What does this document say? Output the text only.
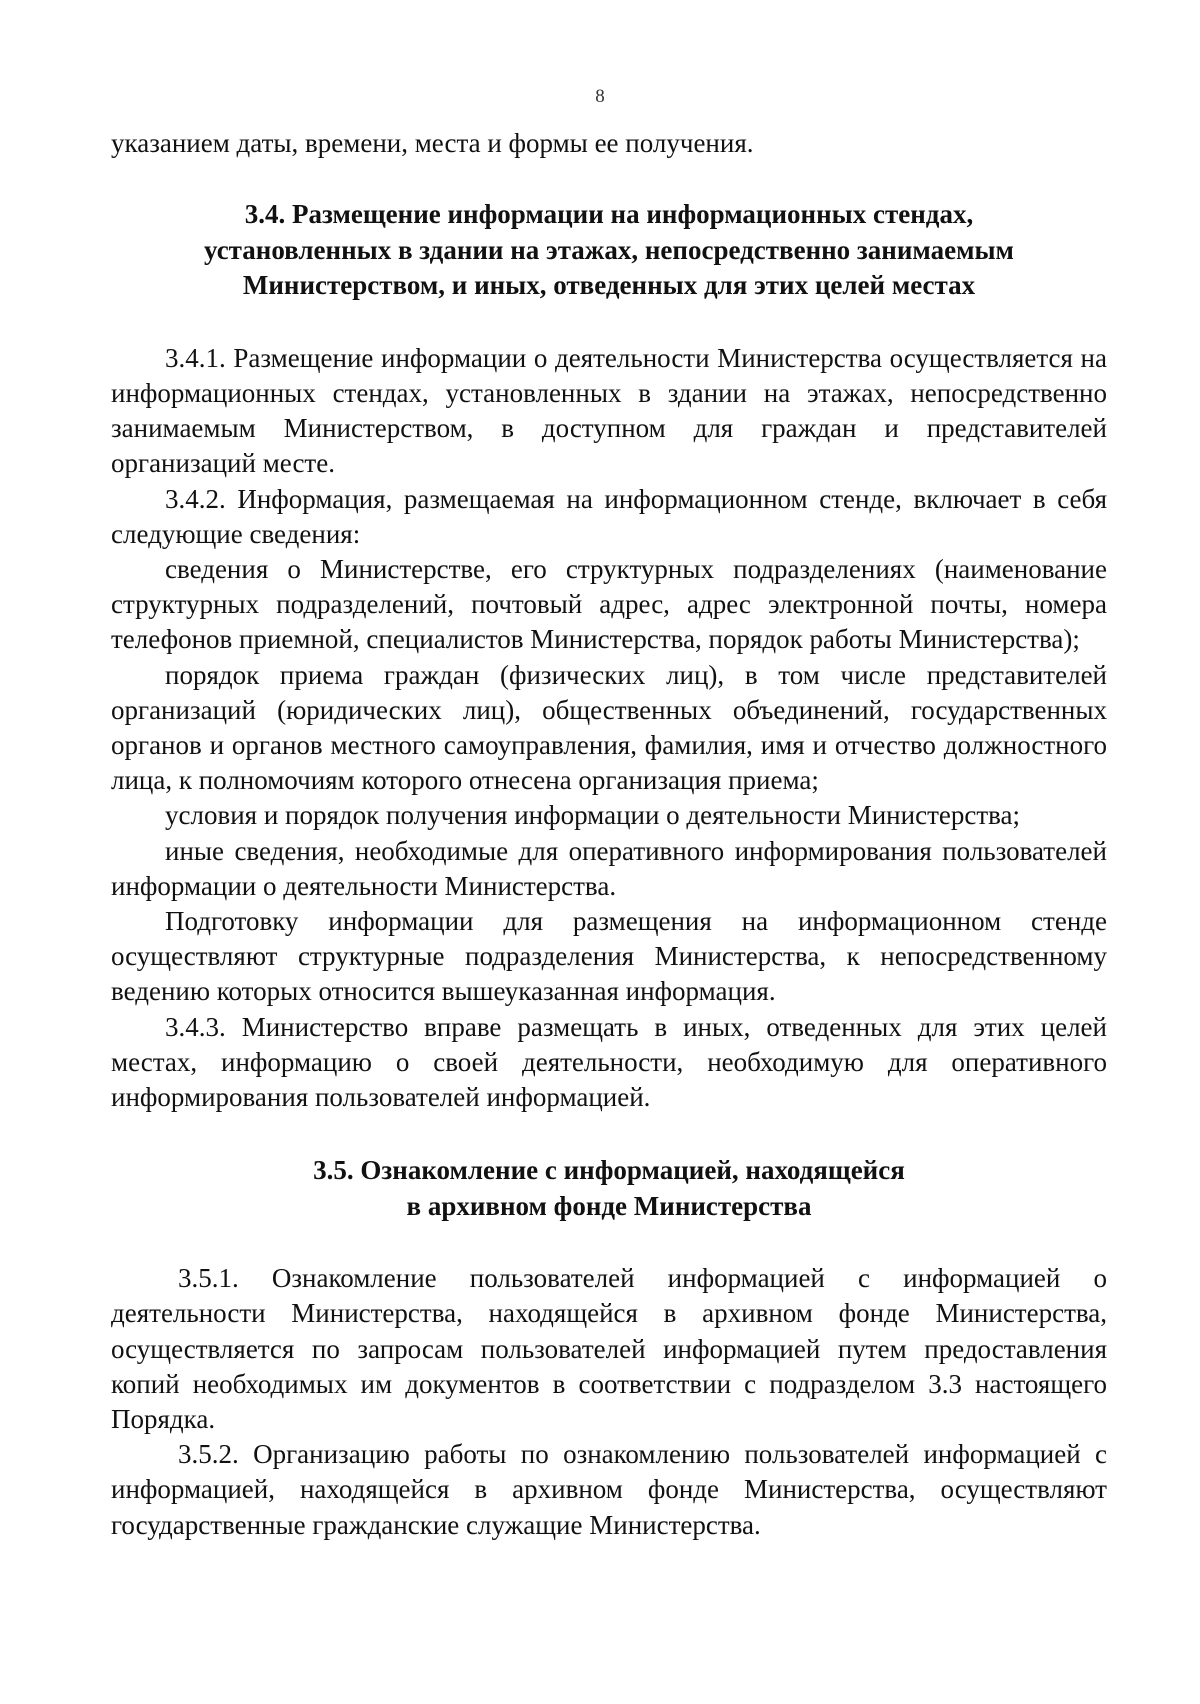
8

указанием даты, времени, места и формы ее получения.

3.4. Размещение информации на информационных стендах,
установленных в здании на этажах, непосредственно занимаемым
Министерством, и иных, отведенных для этих целей местах

3.4.1. Размещение информации о деятельности Министерства осуществляется на информационных стендах, установленных в здании на этажах, непосредственно занимаемым Министерством, в доступном для граждан и представителей организаций месте.

3.4.2. Информация, размещаемая на информационном стенде, включает в себя следующие сведения:

сведения о Министерстве, его структурных подразделениях (наименование структурных подразделений, почтовый адрес, адрес электронной почты, номера телефонов приемной, специалистов Министерства, порядок работы Министерства);

порядок приема граждан (физических лиц), в том числе представителей организаций (юридических лиц), общественных объединений, государственных органов и органов местного самоуправления, фамилия, имя и отчество должностного лица, к полномочиям которого отнесена организация приема;

условия и порядок получения информации о деятельности Министерства;

иные сведения, необходимые для оперативного информирования пользователей информации о деятельности Министерства.

Подготовку информации для размещения на информационном стенде осуществляют структурные подразделения Министерства, к непосредственному ведению которых относится вышеуказанная информация.

3.4.3. Министерство вправе размещать в иных, отведенных для этих целей местах, информацию о своей деятельности, необходимую для оперативного информирования пользователей информацией.

3.5. Ознакомление с информацией, находящейся
в архивном фонде Министерства

3.5.1. Ознакомление пользователей информацией с информацией о деятельности Министерства, находящейся в архивном фонде Министерства, осуществляется по запросам пользователей информацией путем предоставления копий необходимых им документов в соответствии с подразделом 3.3 настоящего Порядка.

3.5.2. Организацию работы по ознакомлению пользователей информацией с информацией, находящейся в архивном фонде Министерства, осуществляют государственные гражданские служащие Министерства.
